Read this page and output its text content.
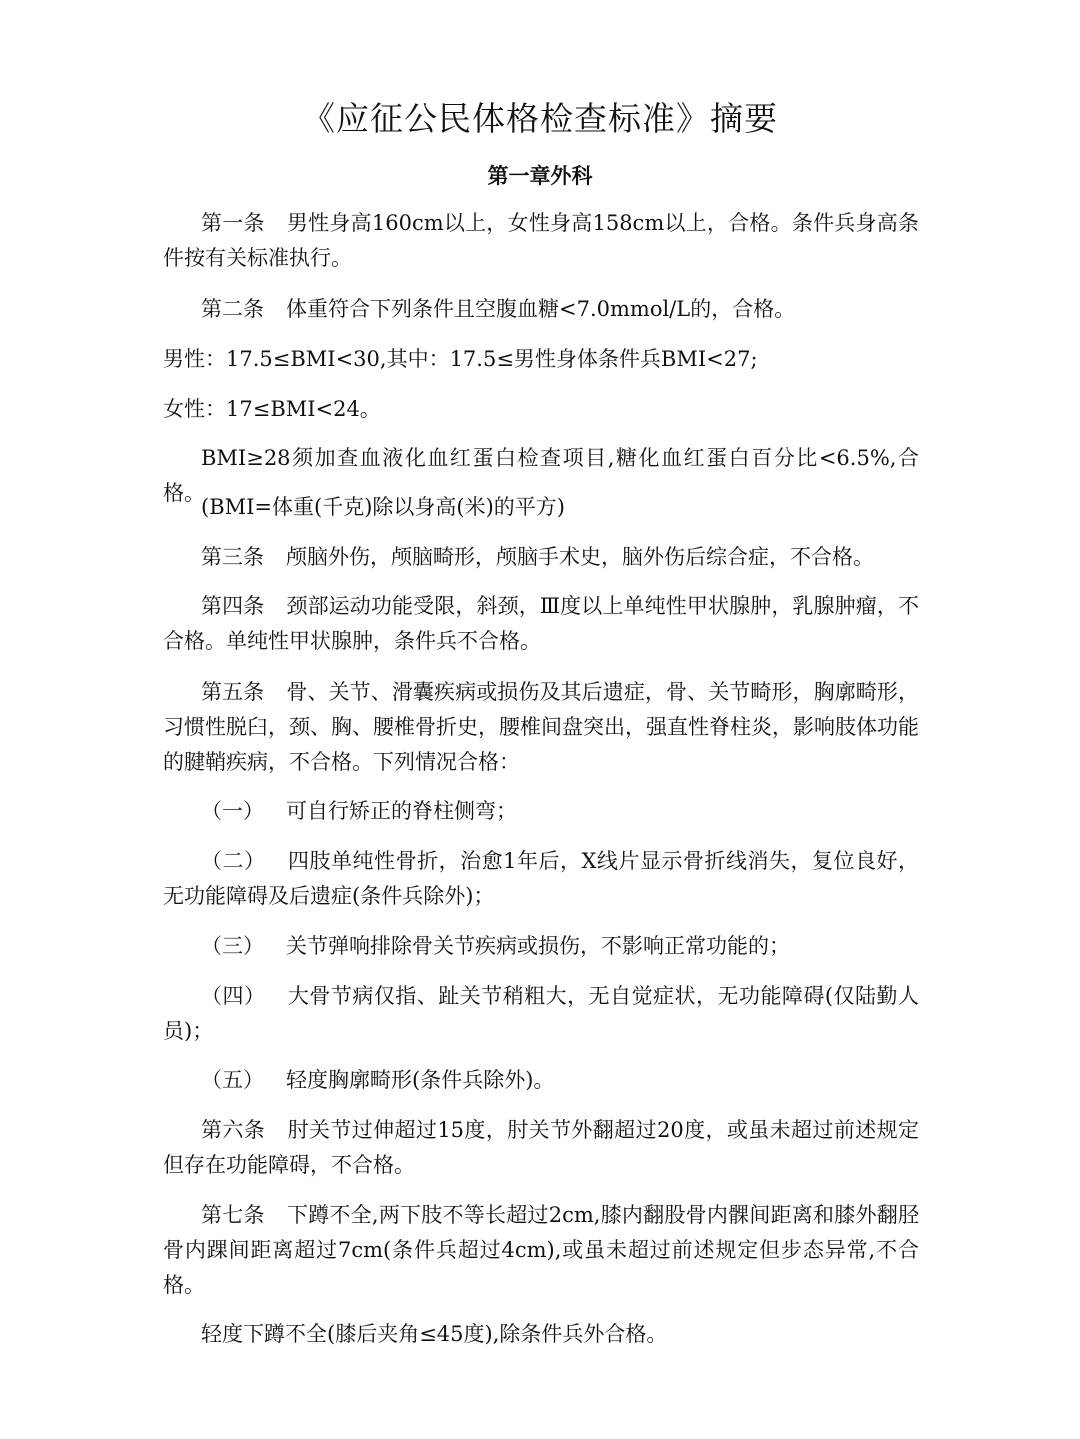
《应征公民体格检查标准》摘要
第一章外科
第一条 男性身高160cm以上，女性身高158cm以上，合格。条件兵身高条件按有关标准执行。
第二条 体重符合下列条件且空腹血糖<7.0mmol/L的，合格。
男性：17.5≤BMI<30,其中：17.5≤男性身体条件兵BMI<27;
女性：17≤BMI<24。
BMI≥28须加查血液化血红蛋白检查项目,糖化血红蛋白百分比<6.5%,合格。
(BMI=体重(千克)除以身高(米)的平方)
第三条 颅脑外伤，颅脑畸形，颅脑手术史，脑外伤后综合症，不合格。
第四条 颈部运动功能受限，斜颈，Ⅲ度以上单纯性甲状腺肿，乳腺肿瘤，不合格。单纯性甲状腺肿，条件兵不合格。
第五条 骨、关节、滑囊疾病或损伤及其后遗症，骨、关节畸形，胸廓畸形，习惯性脱臼，颈、胸、腰椎骨折史，腰椎间盘突出，强直性脊柱炎，影响肢体功能的腱鞘疾病，不合格。下列情况合格：
（一） 可自行矫正的脊柱侧弯；
（二） 四肢单纯性骨折，治愈1年后，X线片显示骨折线消失，复位良好，无功能障碍及后遗症(条件兵除外)；
（三） 关节弹响排除骨关节疾病或损伤，不影响正常功能的；
（四） 大骨节病仅指、趾关节稍粗大，无自觉症状，无功能障碍(仅陆勤人员)；
（五） 轻度胸廓畸形(条件兵除外)。
第六条 肘关节过伸超过15度，肘关节外翻超过20度，或虽未超过前述规定但存在功能障碍，不合格。
第七条 下蹲不全,两下肢不等长超过2cm,膝内翻股骨内髁间距离和膝外翻胫骨内踝间距离超过7cm(条件兵超过4cm),或虽未超过前述规定但步态异常,不合格。
轻度下蹲不全(膝后夹角≤45度),除条件兵外合格。
